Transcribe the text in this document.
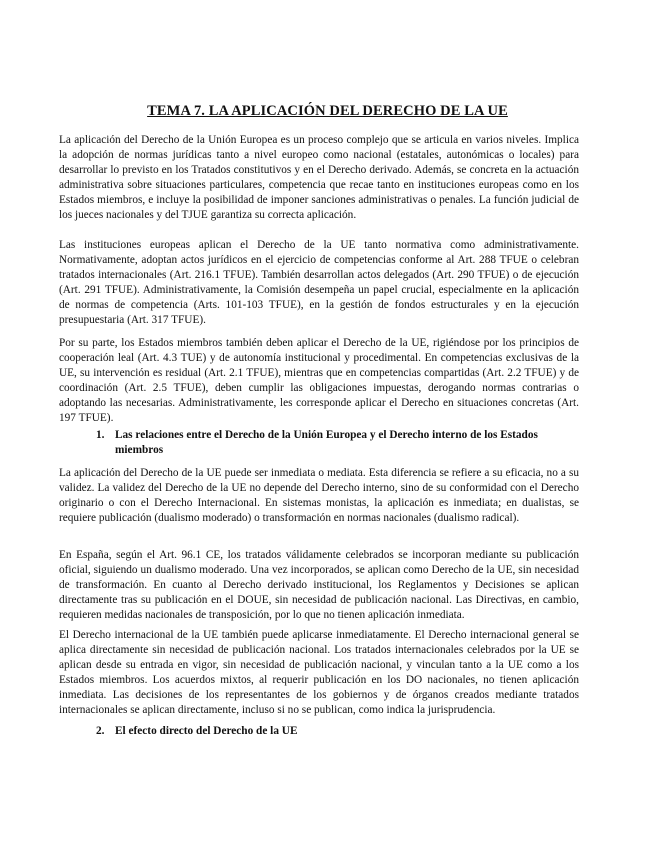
TEMA 7. LA APLICACIÓN DEL DERECHO DE LA UE

La aplicación del Derecho de la Unión Europea es un proceso complejo que se articula en varios niveles. Implica la adopción de normas jurídicas tanto a nivel europeo como nacional (estatales, autonómicas o locales) para desarrollar lo previsto en los Tratados constitutivos y en el Derecho derivado. Además, se concreta en la actuación administrativa sobre situaciones particulares, competencia que recae tanto en instituciones europeas como en los Estados miembros, e incluye la posibilidad de imponer sanciones administrativas o penales. La función judicial de los jueces nacionales y del TJUE garantiza su correcta aplicación.

Las instituciones europeas aplican el Derecho de la UE tanto normativa como administrativamente. Normativamente, adoptan actos jurídicos en el ejercicio de competencias conforme al Art. 288 TFUE o celebran tratados internacionales (Art. 216.1 TFUE). También desarrollan actos delegados (Art. 290 TFUE) o de ejecución (Art. 291 TFUE). Administrativamente, la Comisión desempeña un papel crucial, especialmente en la aplicación de normas de competencia (Arts. 101-103 TFUE), en la gestión de fondos estructurales y en la ejecución presupuestaria (Art. 317 TFUE).

Por su parte, los Estados miembros también deben aplicar el Derecho de la UE, rigiéndose por los principios de cooperación leal (Art. 4.3 TUE) y de autonomía institucional y procedimental. En competencias exclusivas de la UE, su intervención es residual (Art. 2.1 TFUE), mientras que en competencias compartidas (Art. 2.2 TFUE) y de coordinación (Art. 2.5 TFUE), deben cumplir las obligaciones impuestas, derogando normas contrarias o adoptando las necesarias. Administrativamente, les corresponde aplicar el Derecho en situaciones concretas (Art. 197 TFUE).

1. Las relaciones entre el Derecho de la Unión Europea y el Derecho interno de los Estados miembros

La aplicación del Derecho de la UE puede ser inmediata o mediata. Esta diferencia se refiere a su eficacia, no a su validez. La validez del Derecho de la UE no depende del Derecho interno, sino de su conformidad con el Derecho originario o con el Derecho Internacional. En sistemas monistas, la aplicación es inmediata; en dualistas, se requiere publicación (dualismo moderado) o transformación en normas nacionales (dualismo radical).

En España, según el Art. 96.1 CE, los tratados válidamente celebrados se incorporan mediante su publicación oficial, siguiendo un dualismo moderado. Una vez incorporados, se aplican como Derecho de la UE, sin necesidad de transformación. En cuanto al Derecho derivado institucional, los Reglamentos y Decisiones se aplican directamente tras su publicación en el DOUE, sin necesidad de publicación nacional. Las Directivas, en cambio, requieren medidas nacionales de transposición, por lo que no tienen aplicación inmediata.

El Derecho internacional de la UE también puede aplicarse inmediatamente. El Derecho internacional general se aplica directamente sin necesidad de publicación nacional. Los tratados internacionales celebrados por la UE se aplican desde su entrada en vigor, sin necesidad de publicación nacional, y vinculan tanto a la UE como a los Estados miembros. Los acuerdos mixtos, al requerir publicación en los DO nacionales, no tienen aplicación inmediata. Las decisiones de los representantes de los gobiernos y de órganos creados mediante tratados internacionales se aplican directamente, incluso si no se publican, como indica la jurisprudencia.

2. El efecto directo del Derecho de la UE
